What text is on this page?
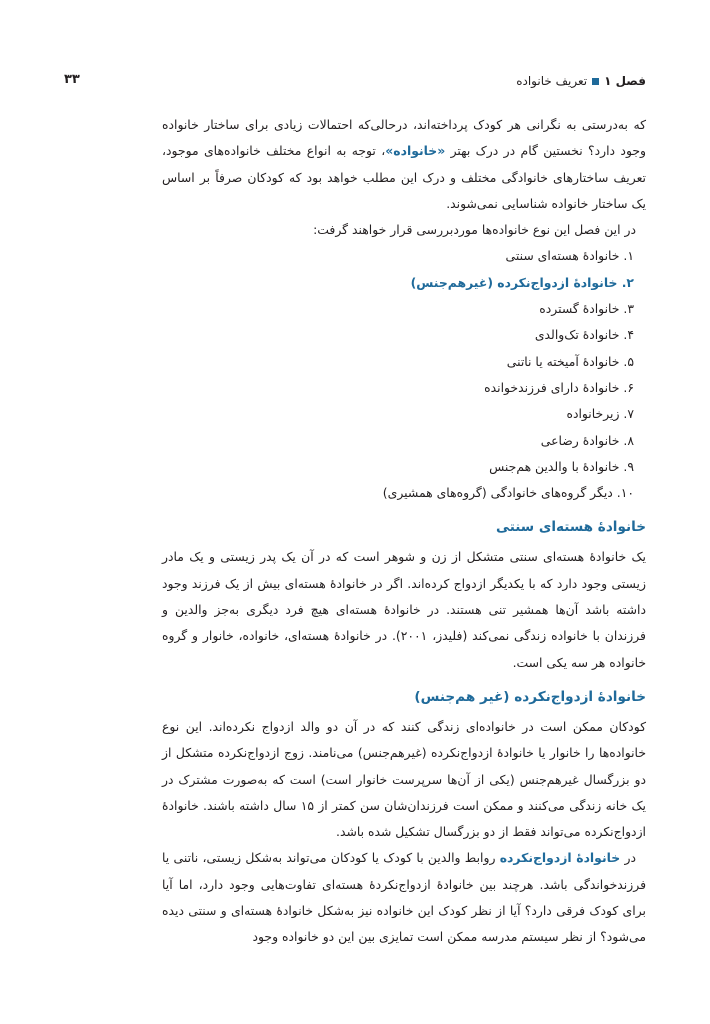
فصل ۱
تعریف خانواده
۳۳

که به‌درستی به نگرانی هر کودک پرداخته‌اند، درحالی‌که احتمالات زیادی برای ساختار خانواده وجود دارد؟ نخستین گام در درک بهتر «خانواده»، توجه به انواع مختلف خانواده‌های موجود، تعریف ساختارهای خانوادگی مختلف و درک این مطلب خواهد بود که کودکان صرفاً بر اساس یک ساختار خانواده شناسایی نمی‌شوند.

در این فصل این نوع خانواده‌ها موردبررسی قرار خواهند گرفت:

۱. خانوادۀ هسته‌ای سنتی
۲. خانوادۀ ازدواج‌نکرده (غیرهم‌جنس)
۳. خانوادۀ گسترده
۴. خانوادۀ تک‌والدی
۵. خانوادۀ آمیخته یا ناتنی
۶. خانوادۀ دارای فرزندخوانده
۷. زیرخانواده
۸. خانوادۀ رضاعی
۹. خانوادۀ با والدین هم‌جنس
۱۰. دیگر گروه‌های خانوادگی (گروه‌های همشیری)
خانوادۀ هسته‌ای سنتی

یک خانوادۀ هسته‌ای سنتی متشکل از زن و شوهر است که در آن یک پدر زیستی و یک مادر زیستی وجود دارد که با یکدیگر ازدواج کرده‌اند. اگر در خانوادۀ هسته‌ای بیش از یک فرزند وجود داشته باشد آن‌ها همشیر تنی هستند. در خانوادۀ هسته‌ای هیچ فرد دیگری به‌جز والدین و فرزندان با خانواده زندگی نمی‌کند (فلیدز، ۲۰۰۱). در خانوادۀ هسته‌ای، خانواده، خانوار و گروه خانواده هر سه یکی است.

خانوادۀ ازدواج‌نکرده (غیر هم‌جنس)

کودکان ممکن است در خانواده‌ای زندگی کنند که در آن دو والد ازدواج نکرده‌اند. این نوع خانواده‌ها را خانوار یا خانوادۀ ازدواج‌نکرده (غیرهم‌جنس) می‌نامند. زوج ازدواج‌نکرده متشکل از دو بزرگسال غیرهم‌جنس (یکی از آن‌ها سرپرست خانوار است) است که به‌صورت مشترک در یک خانه زندگی می‌کنند و ممکن است فرزندان‌شان سن کمتر از ۱۵ سال داشته باشند. خانوادۀ ازدواج‌نکرده می‌تواند فقط از دو بزرگسال تشکیل شده باشد.

در خانوادۀ ازدواج‌نکرده روابط والدین با کودک یا کودکان می‌تواند به‌شکل زیستی، ناتنی یا فرزندخواندگی باشد. هرچند بین خانوادۀ ازدواج‌نکردۀ هسته‌ای تفاوت‌هایی وجود دارد، اما آیا برای کودک فرقی دارد؟ آیا از نظر کودک این خانواده نیز به‌شکل خانوادۀ هسته‌ای و سنتی دیده می‌شود؟ از نظر سیستم مدرسه ممکن است تمایزی بین این دو خانواده وجود
